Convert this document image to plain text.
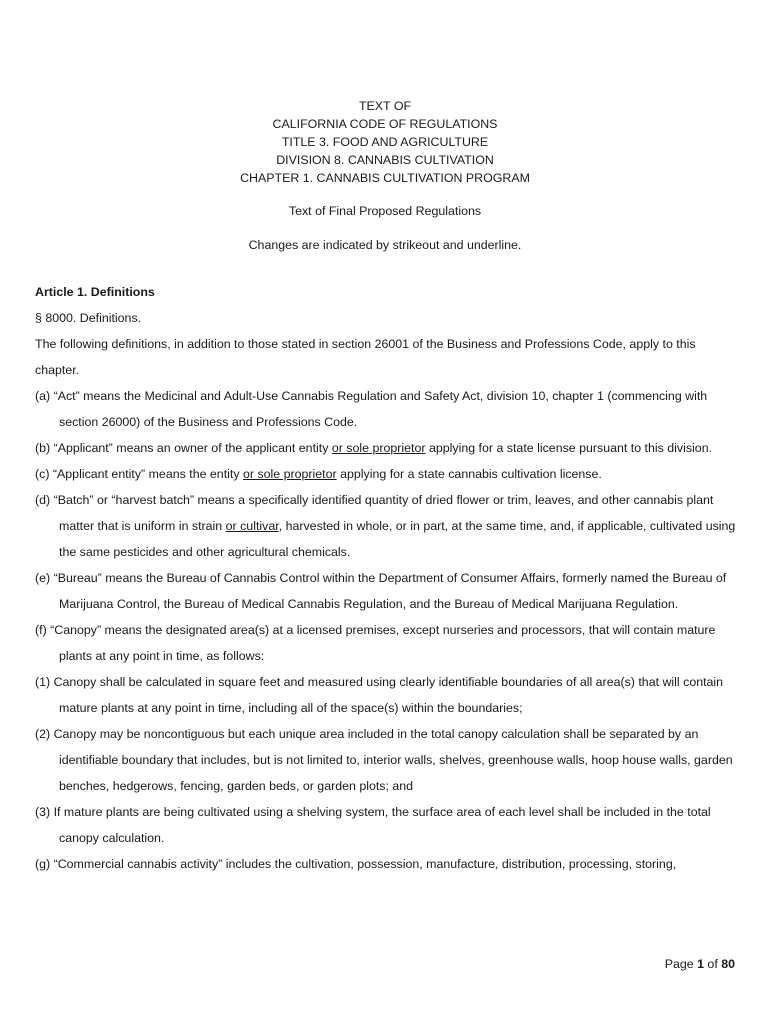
TEXT OF
CALIFORNIA CODE OF REGULATIONS
TITLE 3. FOOD AND AGRICULTURE
DIVISION 8. CANNABIS CULTIVATION
CHAPTER 1. CANNABIS CULTIVATION PROGRAM
Text of Final Proposed Regulations
Changes are indicated by strikeout and underline.

Article 1. Definitions

§ 8000. Definitions.

The following definitions, in addition to those stated in section 26001 of the Business and Professions Code, apply to this chapter.

(a) “Act” means the Medicinal and Adult-Use Cannabis Regulation and Safety Act, division 10, chapter 1 (commencing with section 26000) of the Business and Professions Code.

(b) “Applicant” means an owner of the applicant entity or sole proprietor applying for a state license pursuant to this division.

(c) “Applicant entity” means the entity or sole proprietor applying for a state cannabis cultivation license.

(d) “Batch” or “harvest batch” means a specifically identified quantity of dried flower or trim, leaves, and other cannabis plant matter that is uniform in strain or cultivar, harvested in whole, or in part, at the same time, and, if applicable, cultivated using the same pesticides and other agricultural chemicals.

(e) “Bureau” means the Bureau of Cannabis Control within the Department of Consumer Affairs, formerly named the Bureau of Marijuana Control, the Bureau of Medical Cannabis Regulation, and the Bureau of Medical Marijuana Regulation.

(f) “Canopy” means the designated area(s) at a licensed premises, except nurseries and processors, that will contain mature plants at any point in time, as follows:

(1) Canopy shall be calculated in square feet and measured using clearly identifiable boundaries of all area(s) that will contain mature plants at any point in time, including all of the space(s) within the boundaries;

(2) Canopy may be noncontiguous but each unique area included in the total canopy calculation shall be separated by an identifiable boundary that includes, but is not limited to, interior walls, shelves, greenhouse walls, hoop house walls, garden benches, hedgerows, fencing, garden beds, or garden plots; and

(3) If mature plants are being cultivated using a shelving system, the surface area of each level shall be included in the total canopy calculation.

(g) “Commercial cannabis activity” includes the cultivation, possession, manufacture, distribution, processing, storing,

Page 1 of 80
